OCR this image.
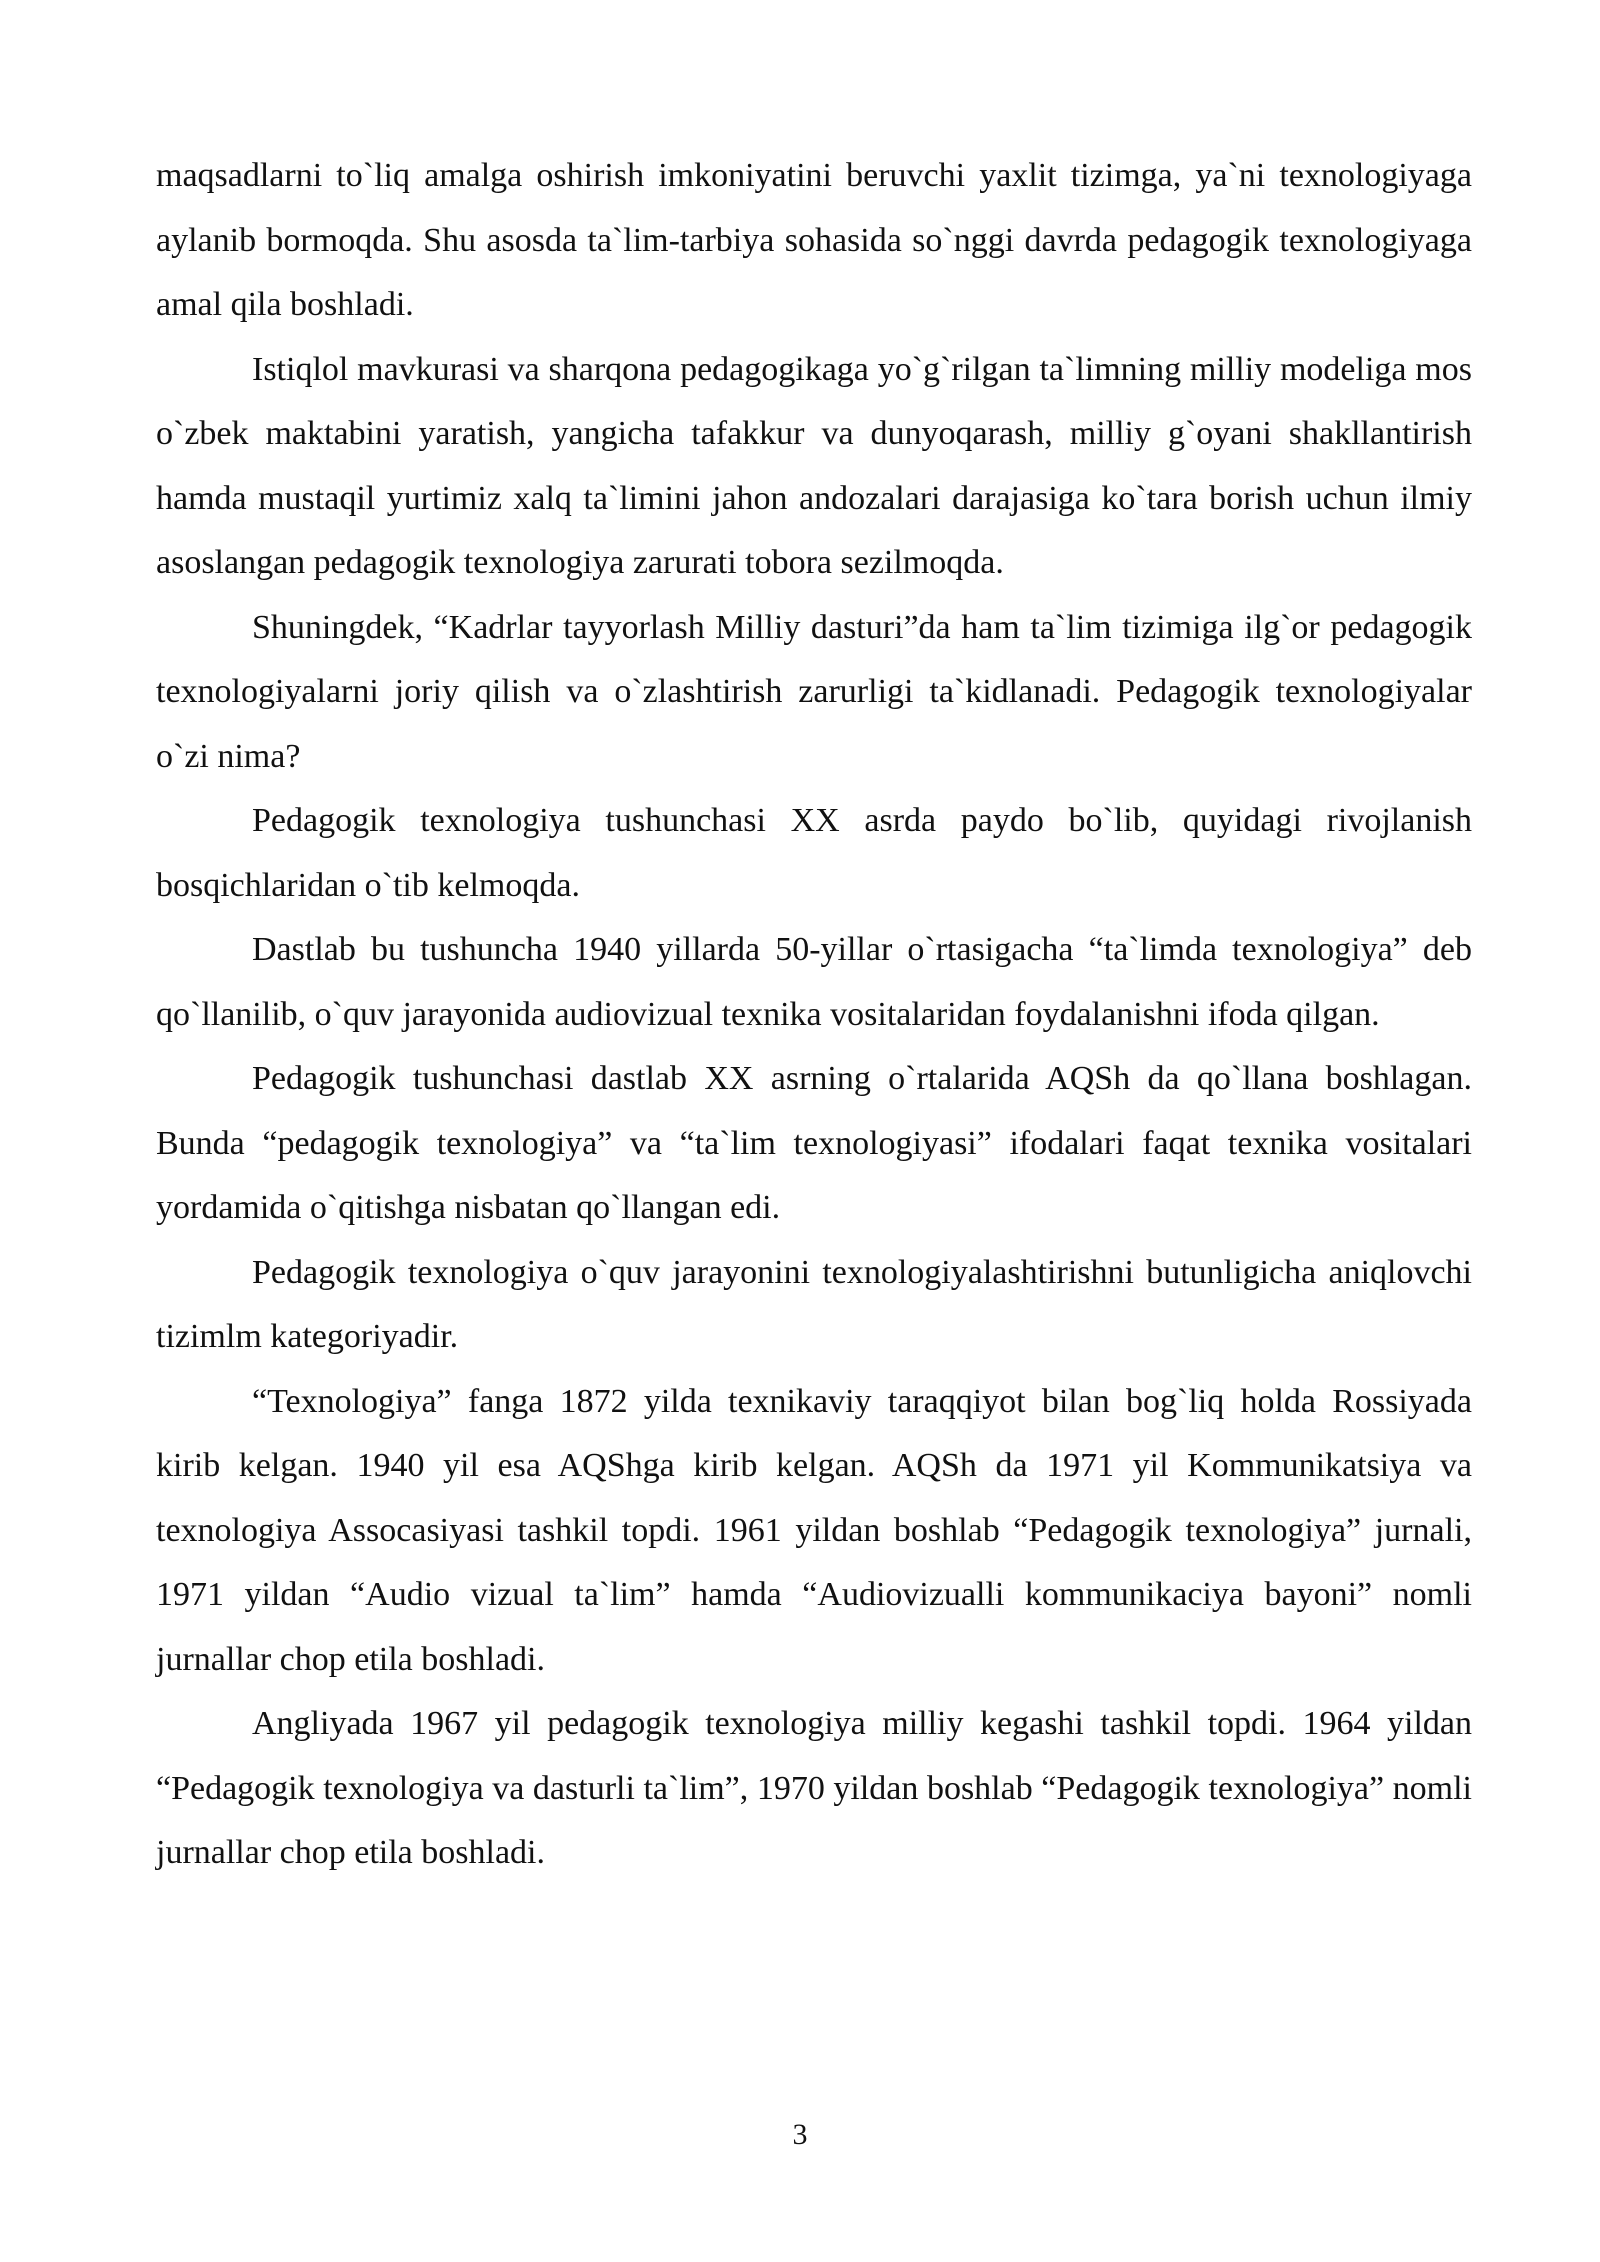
maqsadlarni to`liq amalga oshirish imkoniyatini beruvchi yaxlit tizimga, ya`ni texnologiyaga aylanib bormoqda. Shu asosda ta`lim-tarbiya sohasida so`nggi davrda pedagogik texnologiyaga amal qila boshladi.

Istiqlol mavkurasi va sharqona pedagogikaga yo`g`rilgan ta`limning milliy modeliga mos o`zbek maktabini yaratish, yangicha tafakkur va dunyoqarash, milliy g`oyani shakllantirish hamda mustaqil yurtimiz xalq ta`limini jahon andozalari darajasiga ko`tara borish uchun ilmiy asoslangan pedagogik texnologiya zarurati tobora sezilmoqda.

Shuningdek, “Kadrlar tayyorlash Milliy dasturi”da ham ta`lim tizimiga ilg`or pedagogik texnologiyalarni joriy qilish va o`zlashtirish zarurligi ta`kidlanadi. Pedagogik texnologiyalar o`zi nima?

Pedagogik texnologiya tushunchasi XX asrda paydo bo`lib, quyidagi rivojlanish bosqichlaridan o`tib kelmoqda.

Dastlab bu tushuncha 1940 yillarda 50-yillar o`rtasigacha “ta`limda texnologiya” deb qo`llanilib, o`quv jarayonida audiovizual texnika vositalaridan foydalanishni ifoda qilgan.

Pedagogik tushunchasi dastlab XX asrning o`rtalarida AQSh da qo`llana boshlagan. Bunda “pedagogik texnologiya” va “ta`lim texnologiyasi” ifodalari faqat texnika vositalari yordamida o`qitishga nisbatan qo`llangan edi.

Pedagogik texnologiya o`quv jarayonini texnologiyalashtirishni butunligicha aniqlovchi tizimlm kategoriyadir.

“Texnologiya” fanga 1872 yilda texnikaviy taraqqiyot bilan bog`liq holda Rossiyada kirib kelgan. 1940 yil esa AQShga kirib kelgan. AQSh da 1971 yil Kommunikatsiya va texnologiya Assocasiyasi tashkil topdi. 1961 yildan boshlab “Pedagogik texnologiya” jurnali, 1971 yildan “Audio vizual ta`lim” hamda “Audiovizualli kommunikaciya bayoni” nomli jurnallar chop etila boshladi.

Angliyada 1967 yil pedagogik texnologiya milliy kegashi tashkil topdi. 1964 yildan “Pedagogik texnologiya va dasturli ta`lim”, 1970 yildan boshlab “Pedagogik texnologiya” nomli jurnallar chop etila boshladi.

3
